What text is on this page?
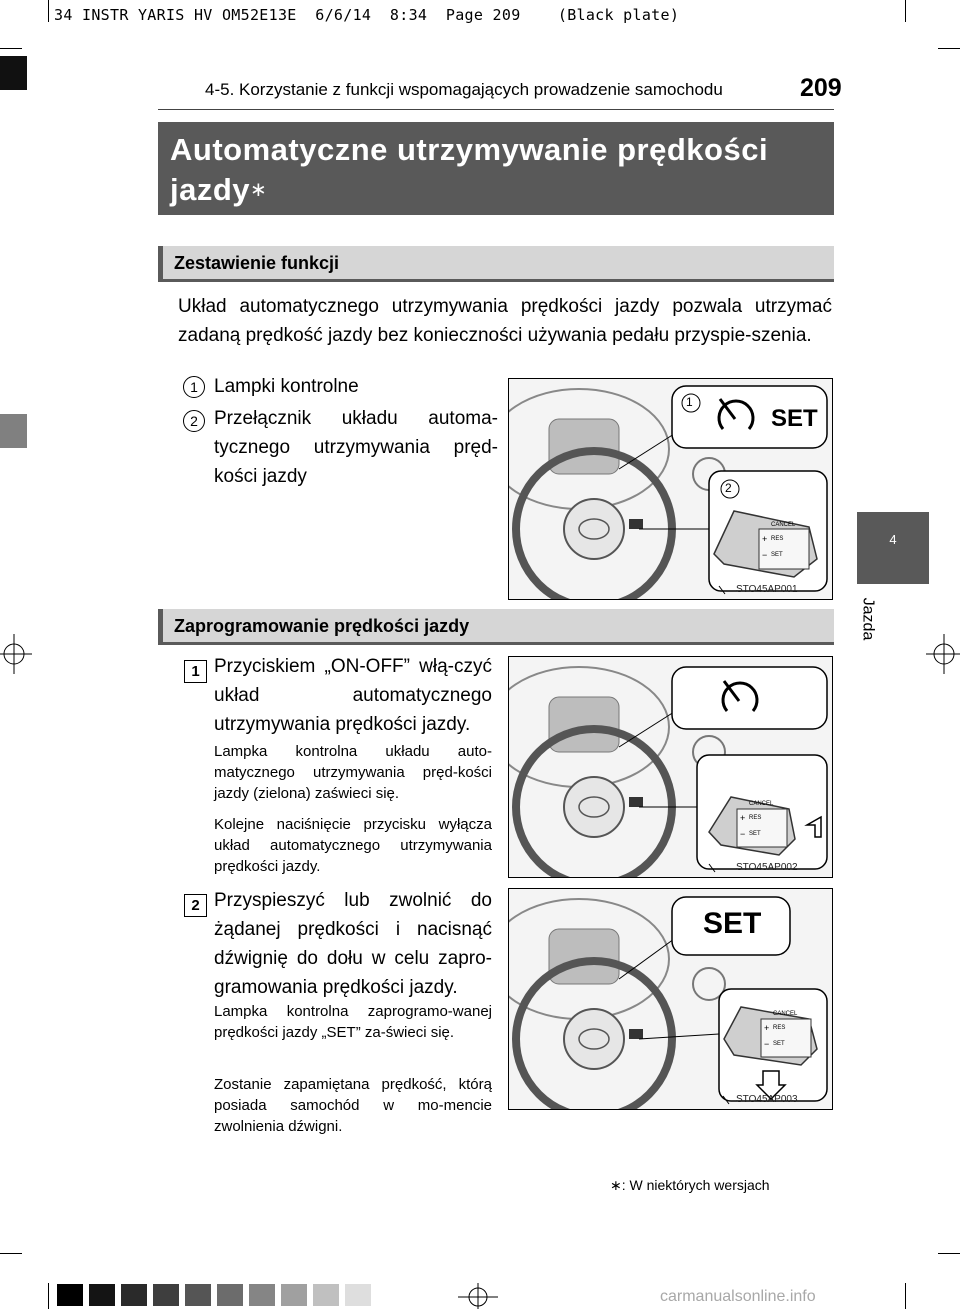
34 INSTR YARIS HV OM52E13E  6/6/14  8:34  Page 209    (Black plate)
4-5. Korzystanie z funkcji wspomagających prowadzenie samochodu	209
Automatyczne utrzymywanie prędkości
jazdy∗
Zestawienie funkcji
Układ automatycznego utrzymywania prędkości jazdy pozwala utrzymać zadaną prędkość jazdy bez konieczności używania pedału przyspie-szenia.
1 Lampki kontrolne
2 Przełącznik układu automa-tycznego utrzymywania pręd-kości jazdy
1
SET
2
CANCEL
+ RES
− SET
STO45AP001
Zaprogramowanie prędkości jazdy
1 Przyciskiem „ON-OFF” włą-czyć układ automatycznego utrzymywania prędkości jazdy.
Lampka kontrolna układu auto-matycznego utrzymywania pręd-kości jazdy (zielona) zaświeci się.
Kolejne naciśnięcie przycisku wyłącza układ automatycznego utrzymywania prędkości jazdy.
CANCEL
+ RES
− SET
STO45AP002
2 Przyspieszyć lub zwolnić do żądanej prędkości i nacisnąć dźwignię do dołu w celu zapro-gramowania prędkości jazdy.
Lampka kontrolna zaprogramo-wanej prędkości jazdy „SET” za-świeci się.
Zostanie zapamiętana prędkość, którą posiada samochód w mo-mencie zwolnienia dźwigni.
SET
CANCEL
+ RES
− SET
STO45AP003
4
Jazda
∗: W niektórych wersjach
carmanualsonline.info
